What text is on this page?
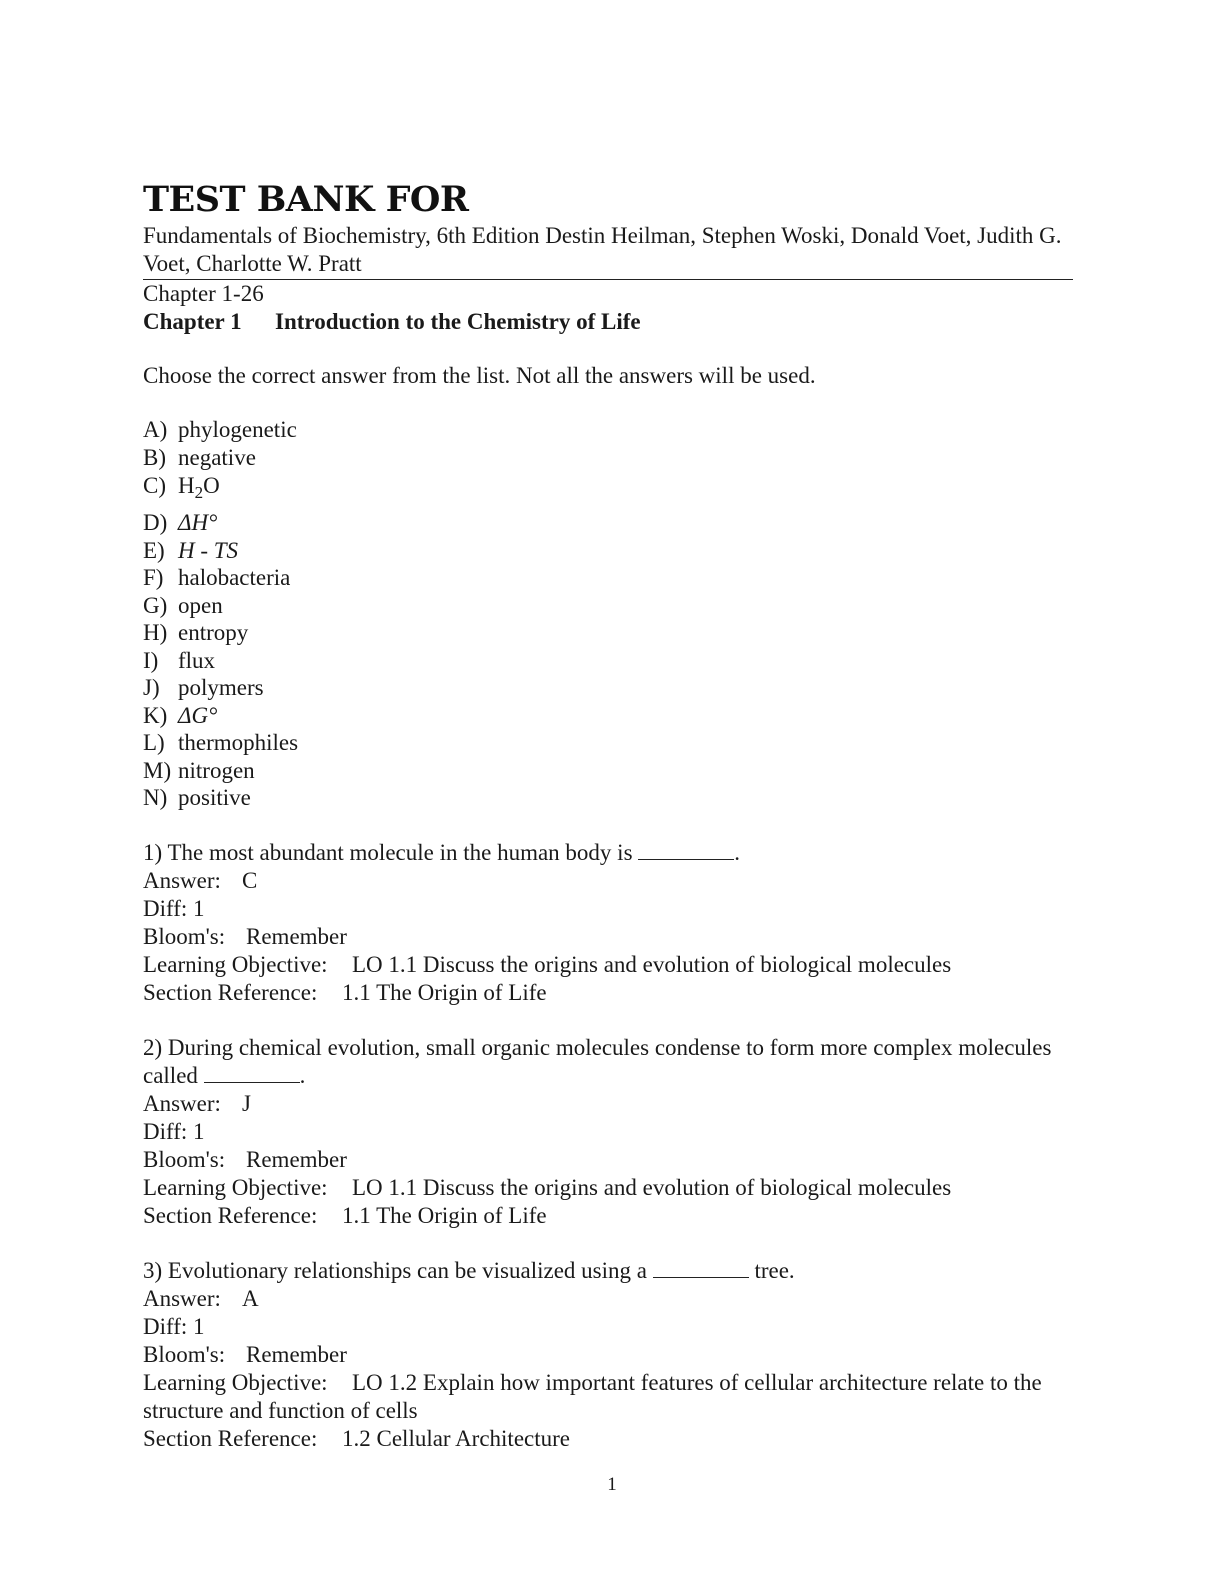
TEST BANK FOR

Fundamentals of Biochemistry, 6th Edition Destin Heilman, Stephen Woski, Donald Voet, Judith G. Voet, Charlotte W. Pratt

Chapter 1-26

Chapter 1 Introduction to the Chemistry of Life

Choose the correct answer from the list. Not all the answers will be used.

A) phylogenetic

B) negative

C) $H_2O$

D) ΔH°

E) H - TS

F) halobacteria

G) open

H) entropy

I) flux

J) polymers

K) ΔG°

L) thermophiles

M) nitrogen

N) positive

1) The most abundant molecule in the human body is	.

Answer: C

Diff: 1

Bloom's: Remember

Learning Objective: LO 1.1 Discuss the origins and evolution of biological molecules

Section Reference: 1.1 The Origin of Life

2) During chemical evolution, small organic molecules condense to form more complex molecules

called	.

Answer: J

Diff: 1

Bloom's: Remember

Learning Objective: LO 1.1 Discuss the origins and evolution of biological molecules

Section Reference: 1.1 The Origin of Life

3) Evolutionary relationships can be visualized using a	tree.

Answer: A

Diff: 1

Bloom's: Remember

Learning Objective: LO 1.2 Explain how important features of cellular architecture relate to the

structure and function of cells

Section Reference: 1.2 Cellular Architecture

1
